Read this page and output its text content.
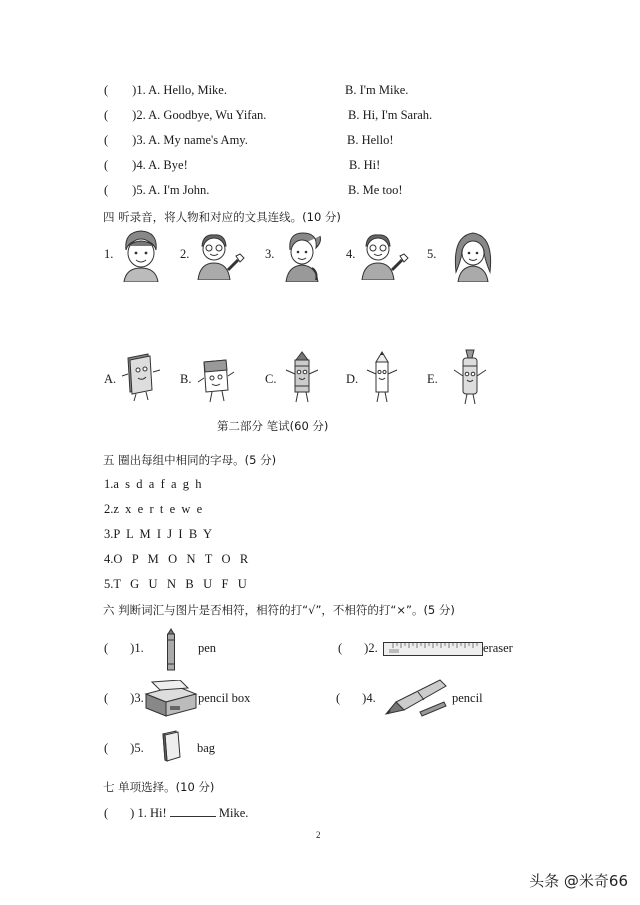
( )1. A. Hello, Mike.	B. I'm Mike.
( )2. A. Goodbye, Wu Yifan.	B. Hi, I'm Sarah.
( )3. A. My name's Amy.	B. Hello!
( )4. A. Bye!	B. Hi!
( )5. A. I'm John.	B. Me too!
四 听录音，将人物和对应的文具连线。(10 分)
1.	2.	3.	4.	5.
A.	B.	C.	D.	E.
第二部分 笔试(60 分)
五 圈出每组中相同的字母。(5 分)
1.a  s  d  a  f  a  g  h
2.z  x  e  r  t  e  w  e
3.P  L  M  I  J  I  B  Y
4.O   P   M   O   N   T   O   R
5.T   G   U   N   B   U   F   U
六 判断词汇与图片是否相符，相符的打“√”，不相符的打“×”。(5 分)
( )1.	pen	( )2.	eraser
( )3.	pencil box	( )4.	pencil
( )5.	bag
七 单项选择。(10 分)
( ) 1. Hi!	Mike.
2
头条 @米奇66
